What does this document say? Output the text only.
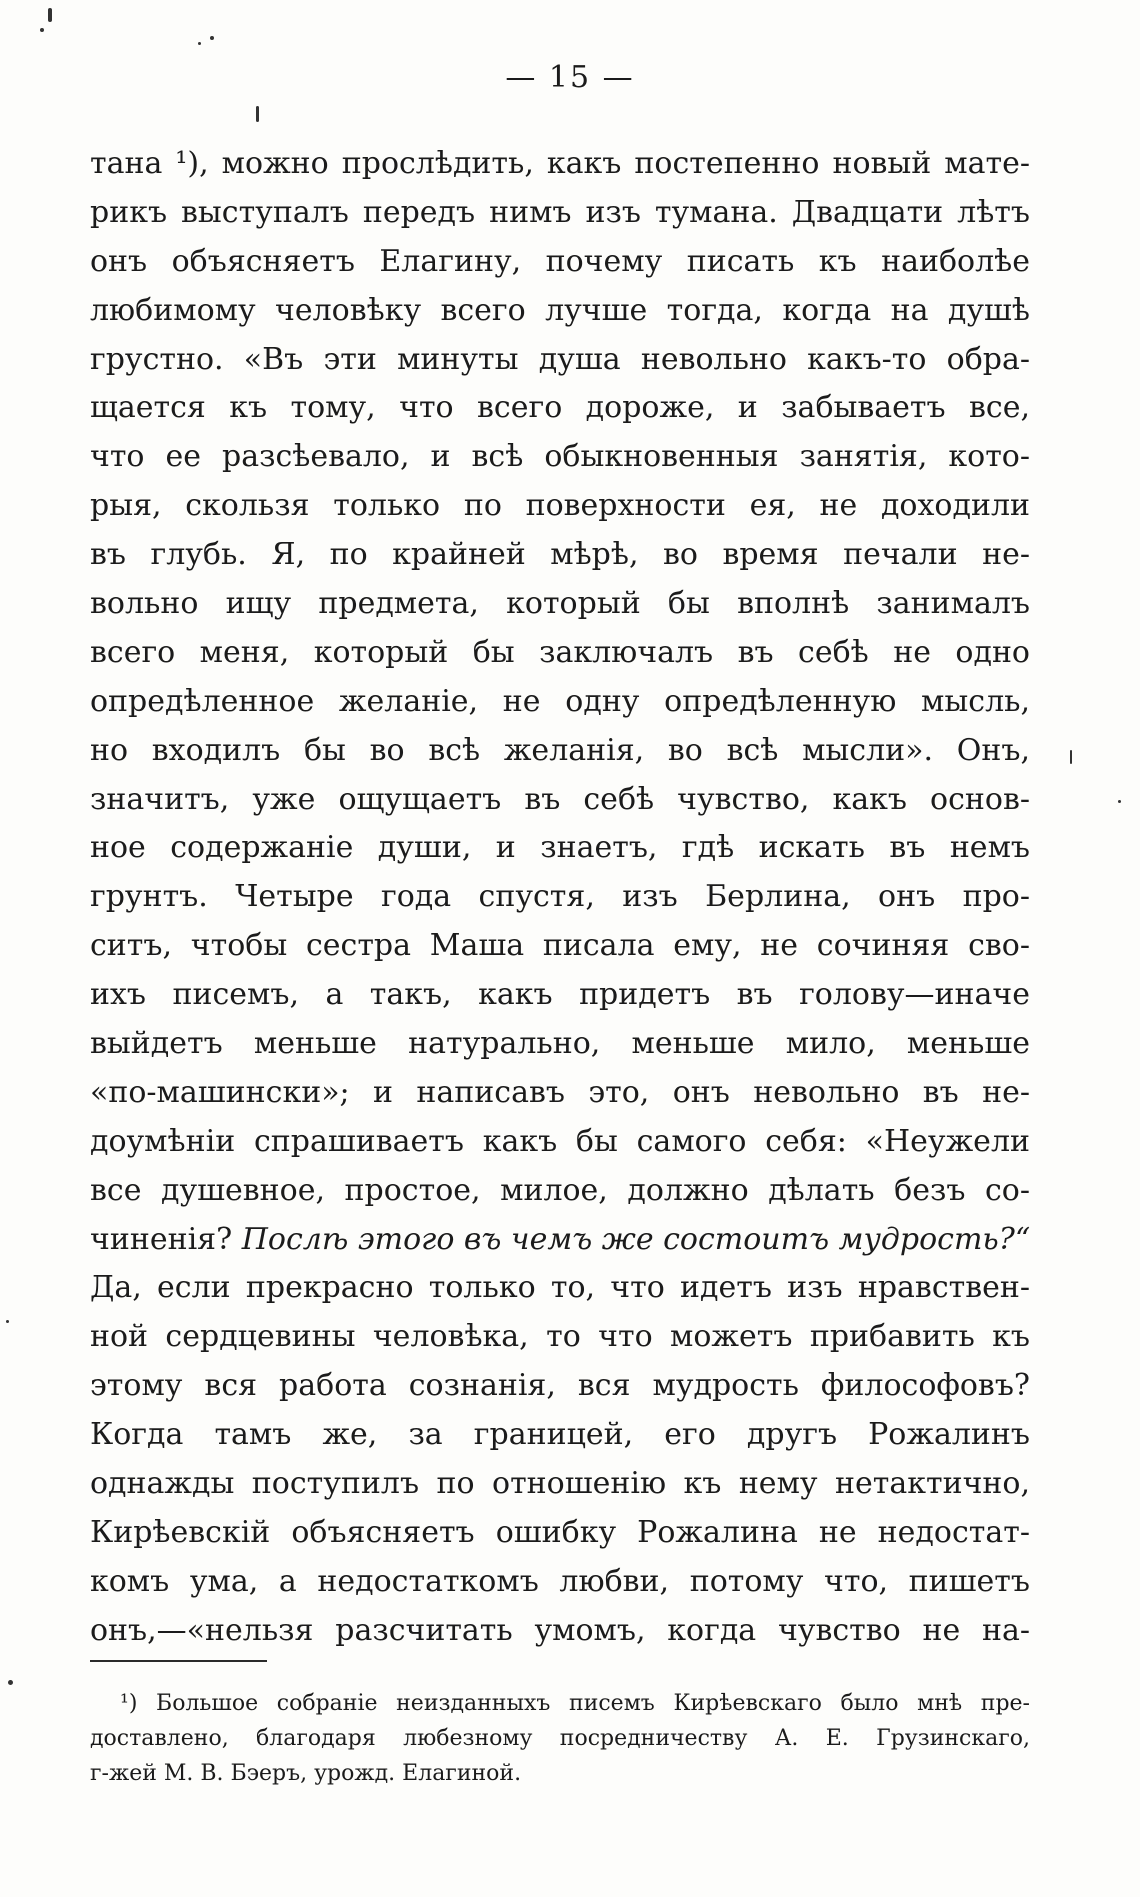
— 15 —
тана ¹), можно прослѣдить, какъ постепенно новый мате-
рикъ выступалъ передъ нимъ изъ тумана. Двадцати лѣтъ
онъ объясняетъ Елагину, почему писать къ наиболѣе
любимому человѣку всего лучше тогда, когда на душѣ
грустно. «Въ эти минуты душа невольно какъ-то обра-
щается къ тому, что всего дороже, и забываетъ все,
что ее разсѣевало, и всѣ обыкновенныя занятія, кото-
рыя, скользя только по поверхности ея, не доходили
въ глубь. Я, по крайней мѣрѣ, во время печали не-
вольно ищу предмета, который бы вполнѣ занималъ
всего меня, который бы заключалъ въ себѣ не одно
опредѣленное желаніе, не одну опредѣленную мысль,
но входилъ бы во всѣ желанія, во всѣ мысли». Онъ,
значитъ, уже ощущаетъ въ себѣ чувство, какъ основ-
ное содержаніе души, и знаетъ, гдѣ искать въ немъ
грунтъ. Четыре года спустя, изъ Берлина, онъ про-
ситъ, чтобы сестра Маша писала ему, не сочиняя сво-
ихъ писемъ, а такъ, какъ придетъ въ голову—иначе
выйдетъ меньше натурально, меньше мило, меньше
«по-машински»; и написавъ это, онъ невольно въ не-
доумѣніи спрашиваетъ какъ бы самого себя: «Неужели
все душевное, простое, милое, должно дѣлать безъ со-
чиненія? Послѣ этого въ чемъ же состоитъ мудрость?“
Да, если прекрасно только то, что идетъ изъ нравствен-
ной сердцевины человѣка, то что можетъ прибавить къ
этому вся работа сознанія, вся мудрость философовъ?
Когда тамъ же, за границей, его другъ Рожалинъ
однажды поступилъ по отношенію къ нему нетактично,
Кирѣевскій объясняетъ ошибку Рожалина не недостат-
комъ ума, а недостаткомъ любви, потому что, пишетъ
онъ,—«нельзя разсчитать умомъ, когда чувство не на-
¹) Большое собраніе неизданныхъ писемъ Кирѣевскаго было мнѣ пре-
доставлено, благодаря любезному посредничеству А. Е. Грузинскаго,
г-жей М. В. Бэеръ, урожд. Елагиной.
